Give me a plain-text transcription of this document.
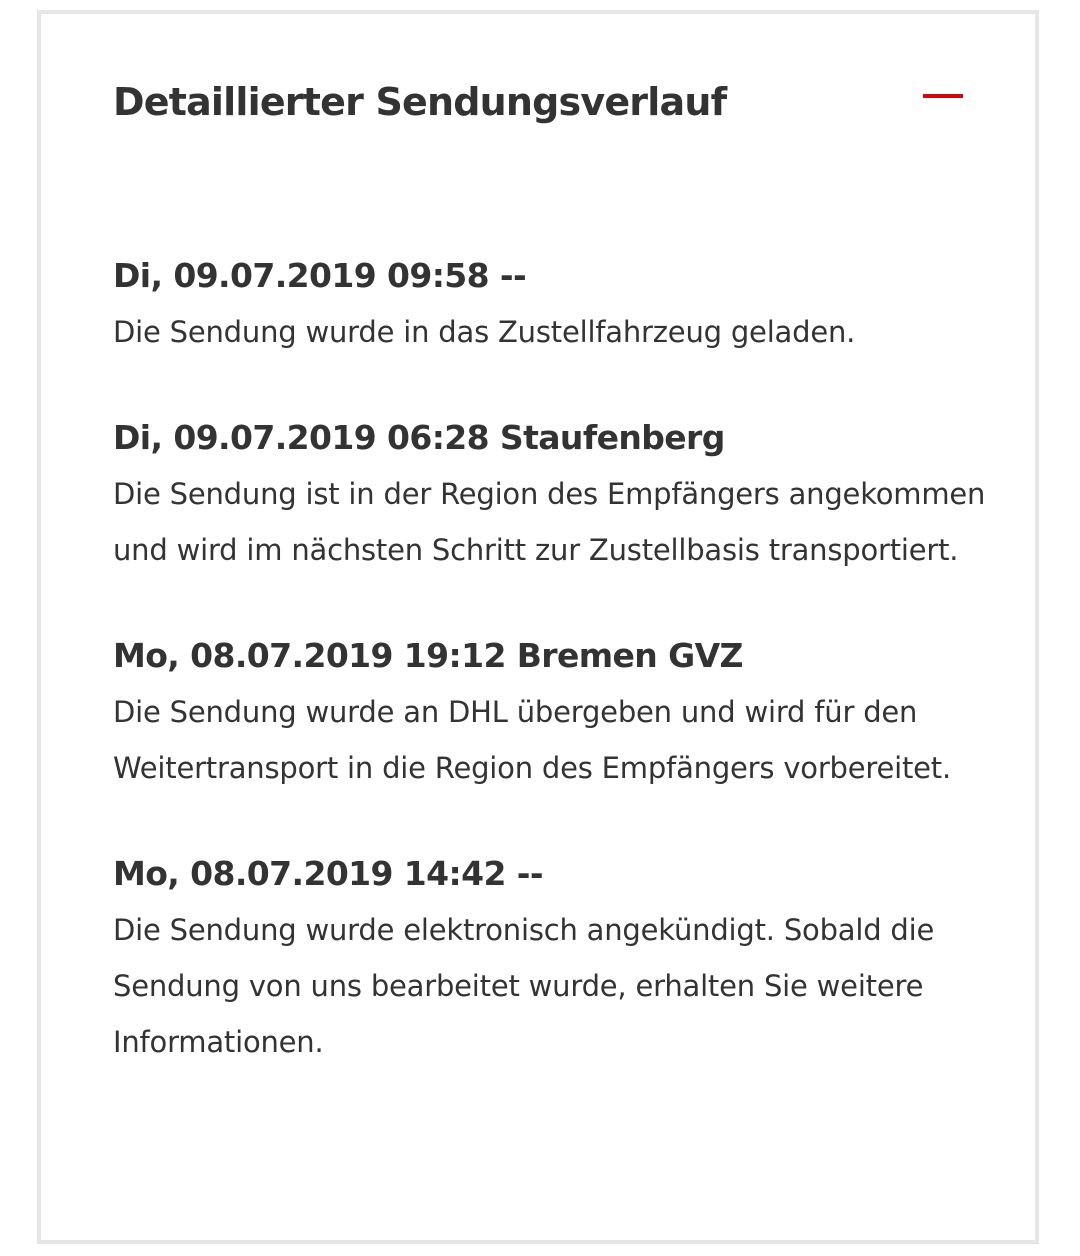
Detaillierter Sendungsverlauf
Di, 09.07.2019 09:58 --
Die Sendung wurde in das Zustellfahrzeug geladen.
Di, 09.07.2019 06:28 Staufenberg
Die Sendung ist in der Region des Empfängers angekommen und wird im nächsten Schritt zur Zustellbasis transportiert.
Mo, 08.07.2019 19:12 Bremen GVZ
Die Sendung wurde an DHL übergeben und wird für den Weitertransport in die Region des Empfängers vorbereitet.
Mo, 08.07.2019 14:42 --
Die Sendung wurde elektronisch angekündigt. Sobald die Sendung von uns bearbeitet wurde, erhalten Sie weitere Informationen.
